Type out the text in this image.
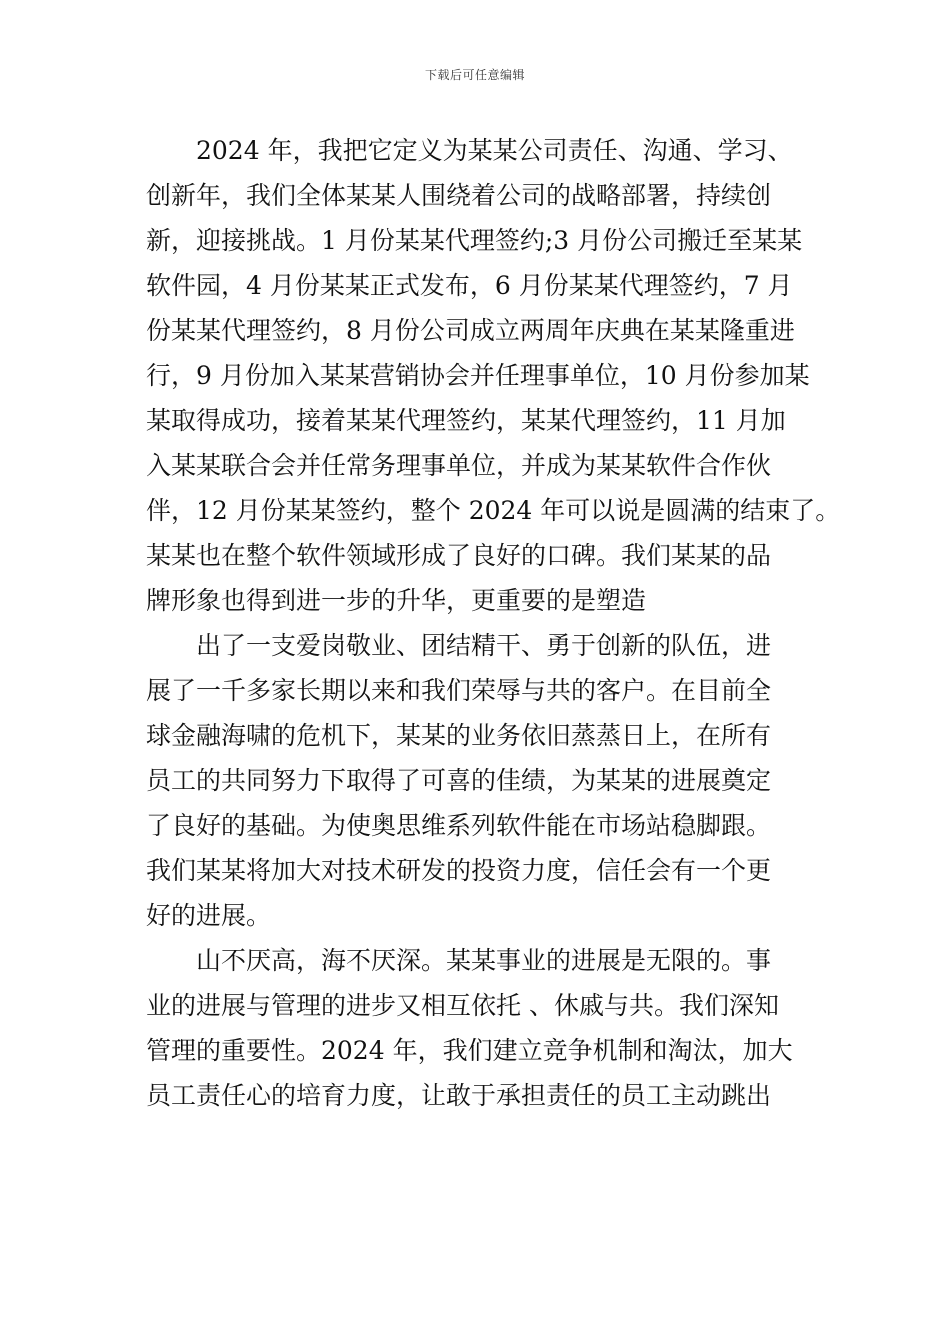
下载后可任意编辑
2024 年，我把它定义为某某公司责任、沟通、学习、
创新年，我们全体某某人围绕着公司的战略部署，持续创
新，迎接挑战。1 月份某某代理签约;3 月份公司搬迁至某某
软件园，4 月份某某正式发布，6 月份某某代理签约，7 月
份某某代理签约，8 月份公司成立两周年庆典在某某隆重进
行，9 月份加入某某营销协会并任理事单位，10 月份参加某
某取得成功，接着某某代理签约，某某代理签约，11 月加
入某某联合会并任常务理事单位，并成为某某软件合作伙
伴，12 月份某某签约，整个 2024 年可以说是圆满的结束了。
某某也在整个软件领域形成了良好的口碑。我们某某的品
牌形象也得到进一步的升华，更重要的是塑造
出了一支爱岗敬业、团结精干、勇于创新的队伍，进
展了一千多家长期以来和我们荣辱与共的客户。在目前全
球金融海啸的危机下，某某的业务依旧蒸蒸日上，在所有
员工的共同努力下取得了可喜的佳绩，为某某的进展奠定
了良好的基础。为使奥思维系列软件能在市场站稳脚跟。
我们某某将加大对技术研发的投资力度，信任会有一个更
好的进展。
山不厌高，海不厌深。某某事业的进展是无限的。事
业的进展与管理的进步又相互依托 、休戚与共。我们深知
管理的重要性。2024 年，我们建立竞争机制和淘汰，加大
员工责任心的培育力度，让敢于承担责任的员工主动跳出
